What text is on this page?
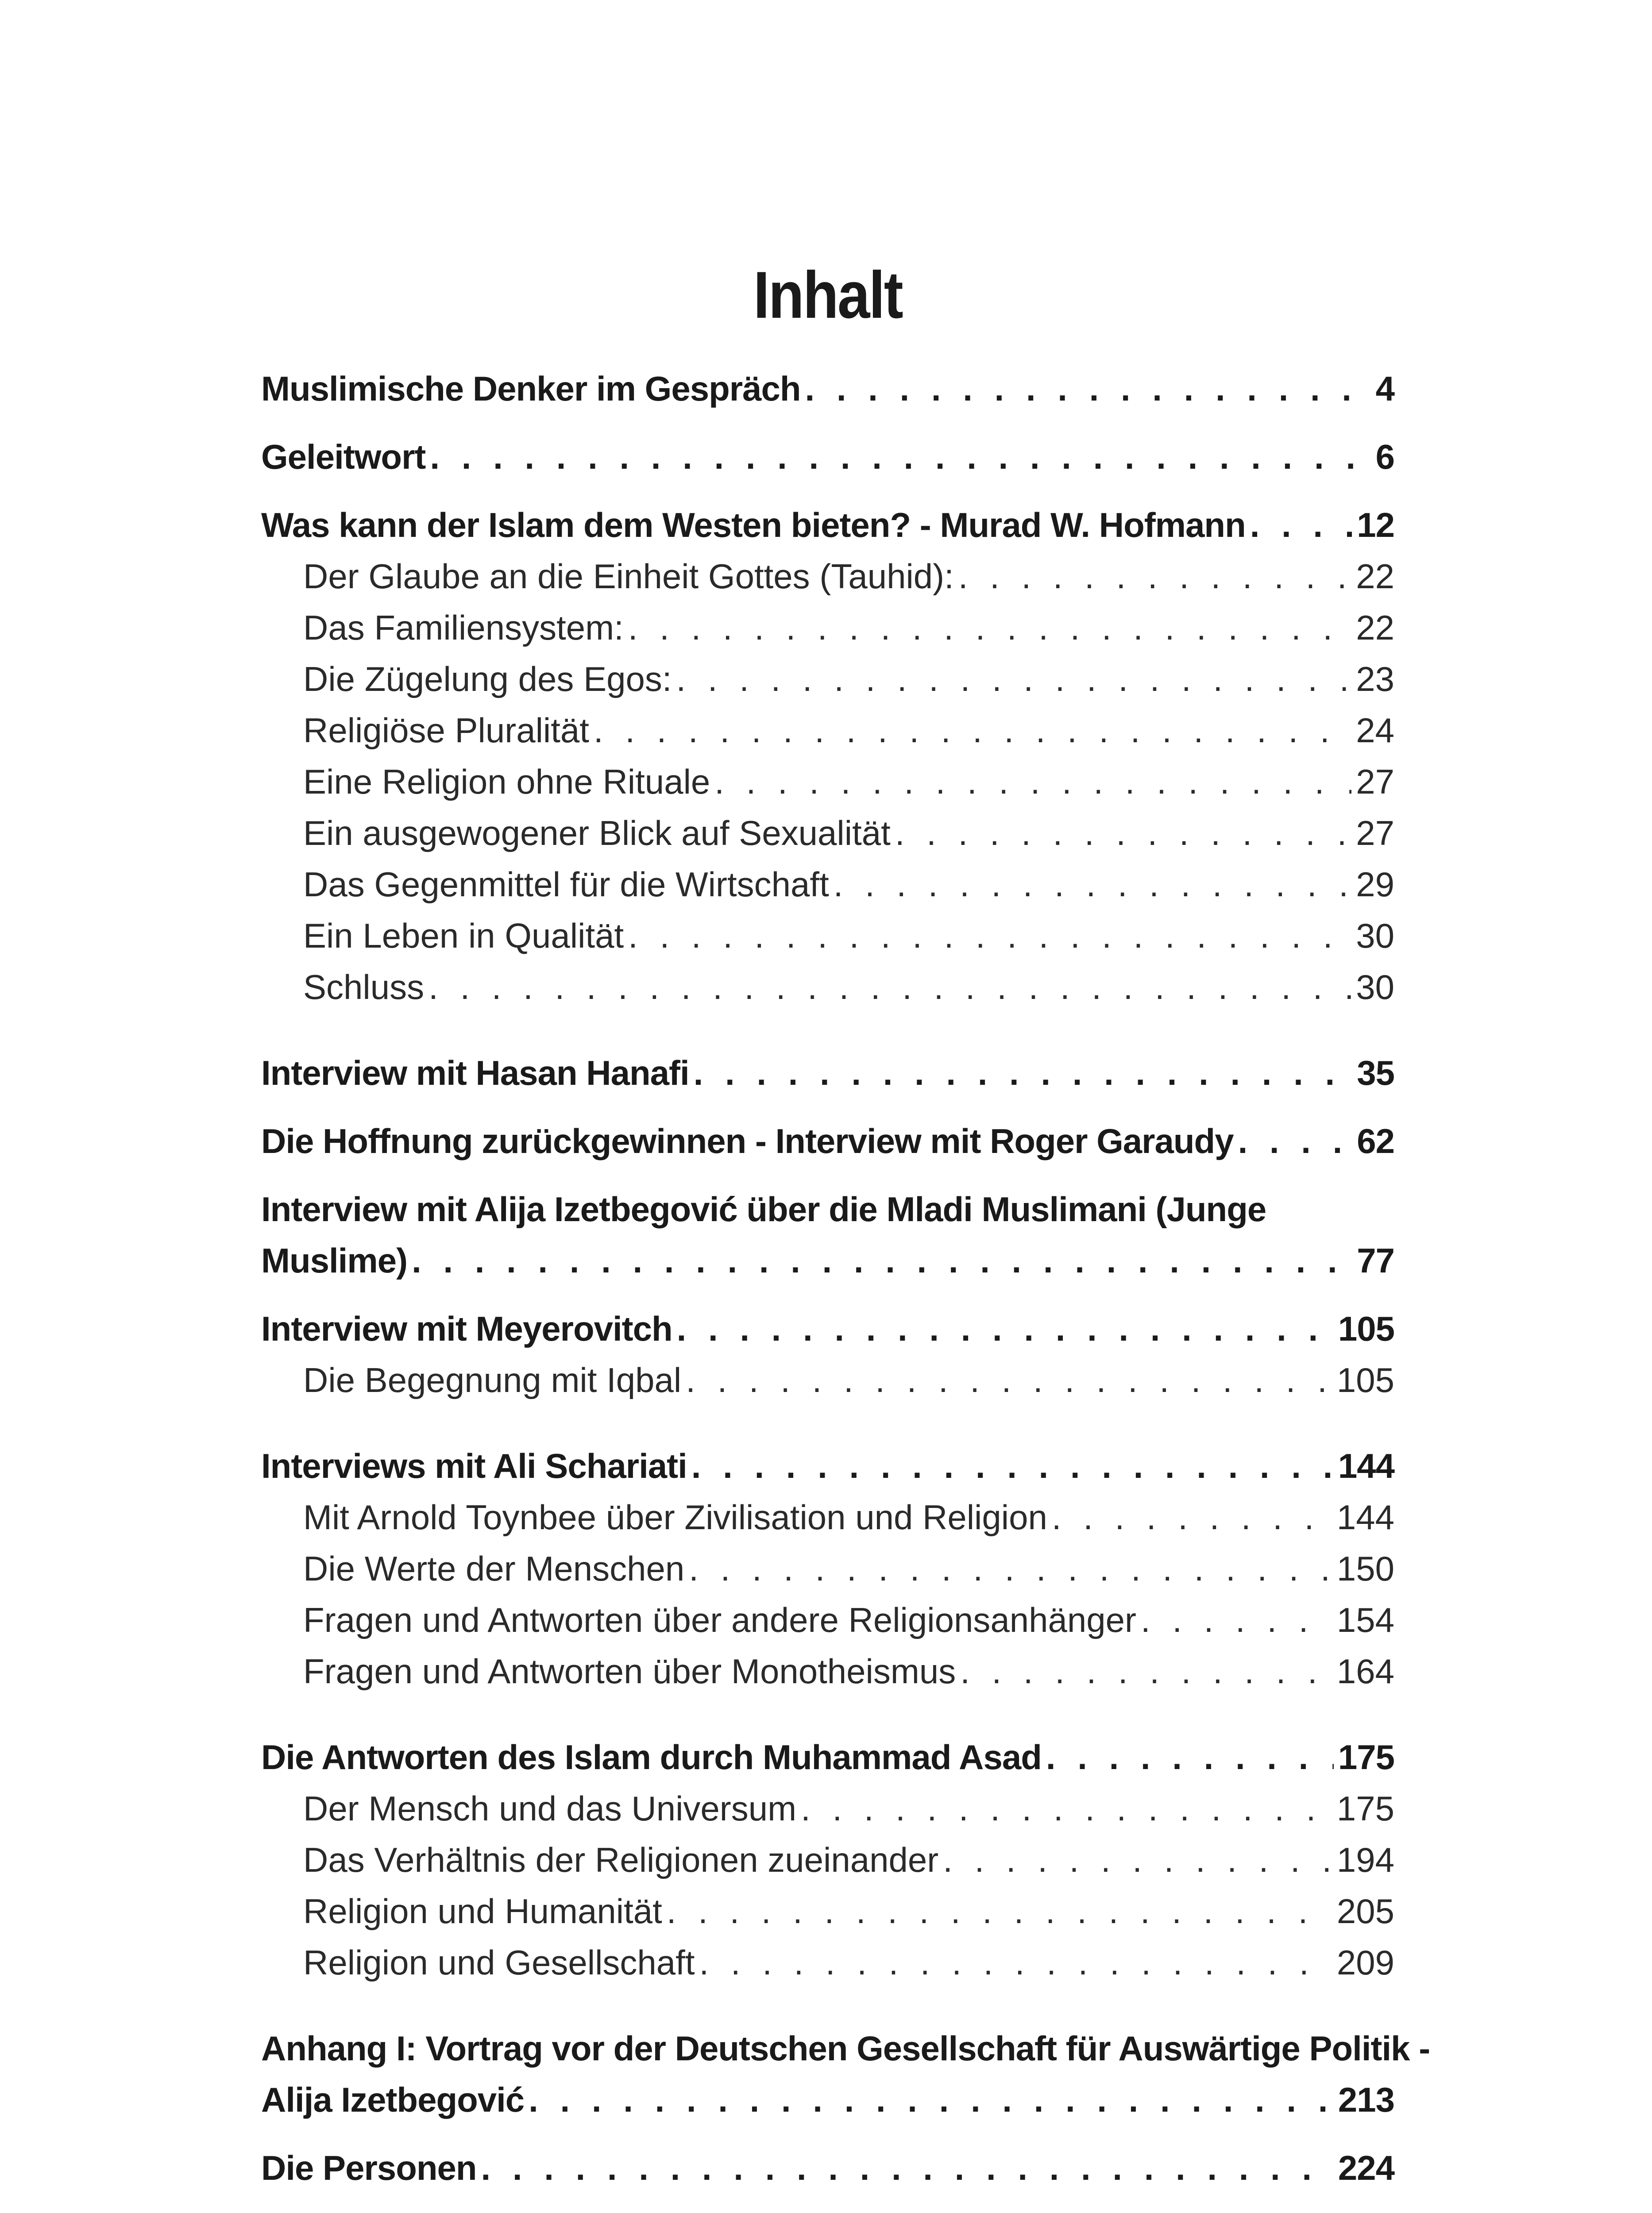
Inhalt
Muslimische Denker im Gespräch . . .	4
Geleitwort . . .	6
Was kann der Islam dem Westen bieten? - Murad W. Hofmann . . .	12
Der Glaube an die Einheit Gottes (Tauhid): . . .	22
Das Familiensystem: . . .	22
Die Zügelung des Egos: . . .	23
Religiöse Pluralität . . .	24
Eine Religion ohne Rituale . . .	27
Ein ausgewogener Blick auf Sexualität . . .	27
Das Gegenmittel für die Wirtschaft . . .	29
Ein Leben in Qualität . . .	30
Schluss . . .	30
Interview mit Hasan Hanafi . . .	35
Die Hoffnung zurückgewinnen - Interview mit Roger Garaudy . . .	62
Interview mit Alija Izetbegović über die Mladi Muslimani (Junge
Muslime) . . .	77
Interview mit Meyerovitch . . .	105
Die Begegnung mit Iqbal . . .	105
Interviews mit Ali Schariati . . .	144
Mit Arnold Toynbee über Zivilisation und Religion . . .	144
Die Werte der Menschen . . .	150
Fragen und Antworten über andere Religionsanhänger . . .	154
Fragen und Antworten über Monotheismus . . .	164
Die Antworten des Islam durch Muhammad Asad . . .	175
Der Mensch und das Universum . . .	175
Das Verhältnis der Religionen zueinander . . .	194
Religion und Humanität . . .	205
Religion und Gesellschaft . . .	209
Anhang I: Vortrag vor der Deutschen Gesellschaft für Auswärtige Politik -
Alija Izetbegović . . .	213
Die Personen . . .	224
